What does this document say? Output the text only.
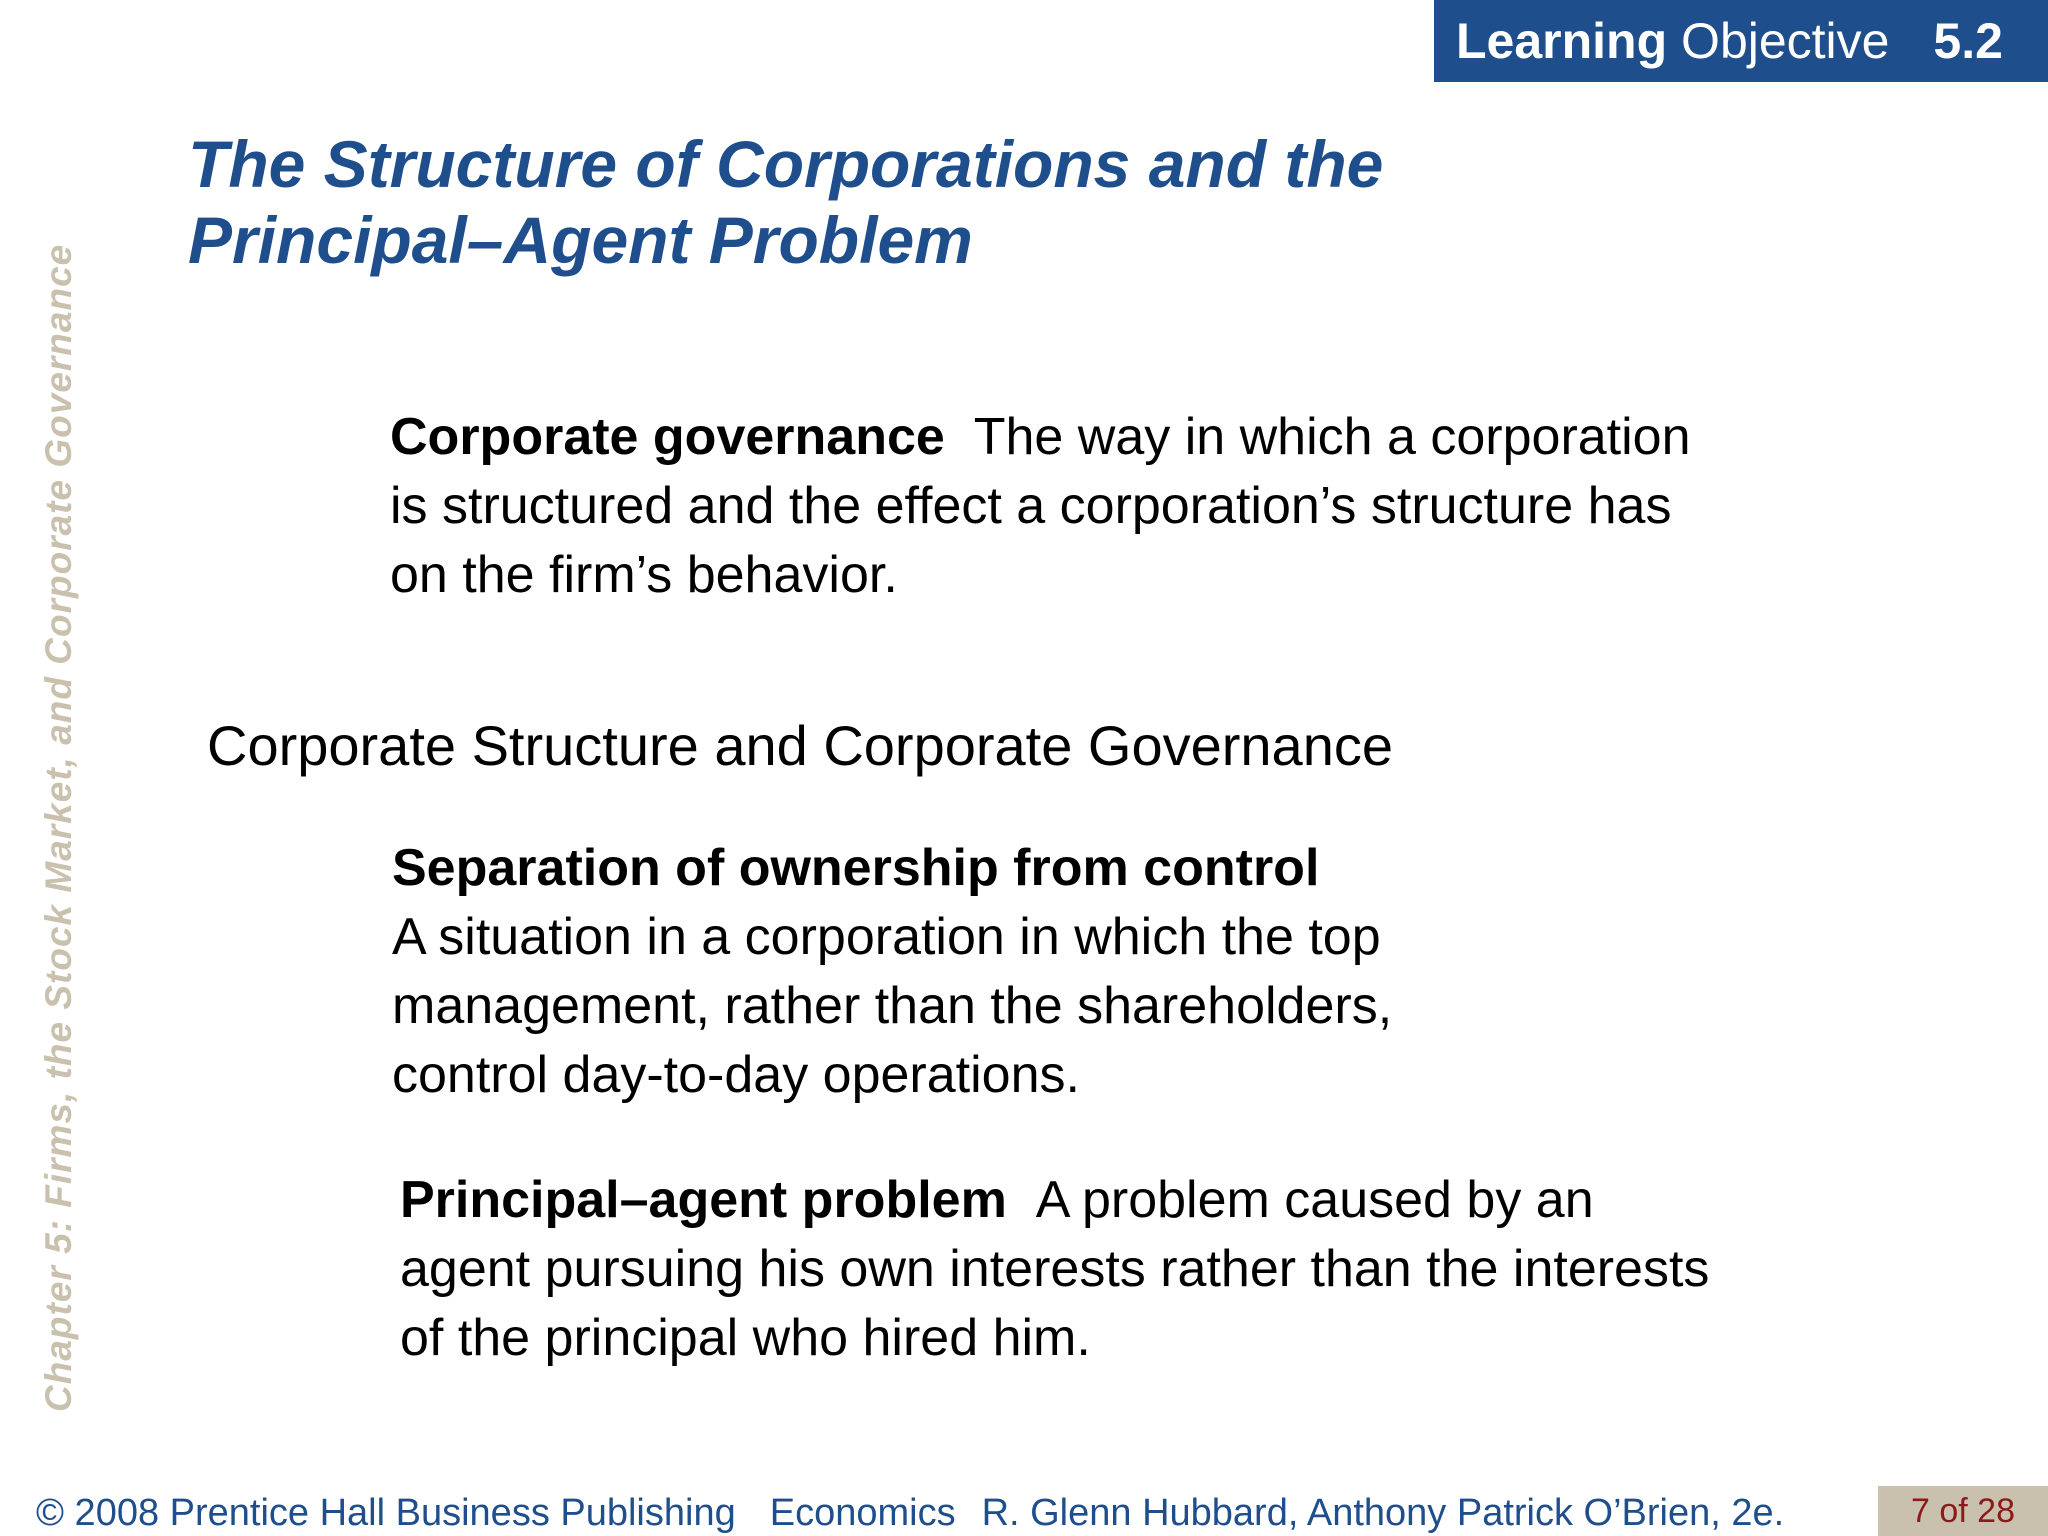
Learning Objective 5.2
Chapter 5: Firms, the Stock Market, and Corporate Governance
The Structure of Corporations and the Principal–Agent Problem

Corporate governance The way in which a corporation is structured and the effect a corporation’s structure has on the firm’s behavior.

Corporate Structure and Corporate Governance

Separation of ownership from control
A situation in a corporation in which the top management, rather than the shareholders, control day-to-day operations.

Principal–agent problem A problem caused by an agent pursuing his own interests rather than the interests of the principal who hired him.

© 2008 Prentice Hall Business Publishing Economics R. Glenn Hubbard, Anthony Patrick O’Brien, 2e.	7 of 28
